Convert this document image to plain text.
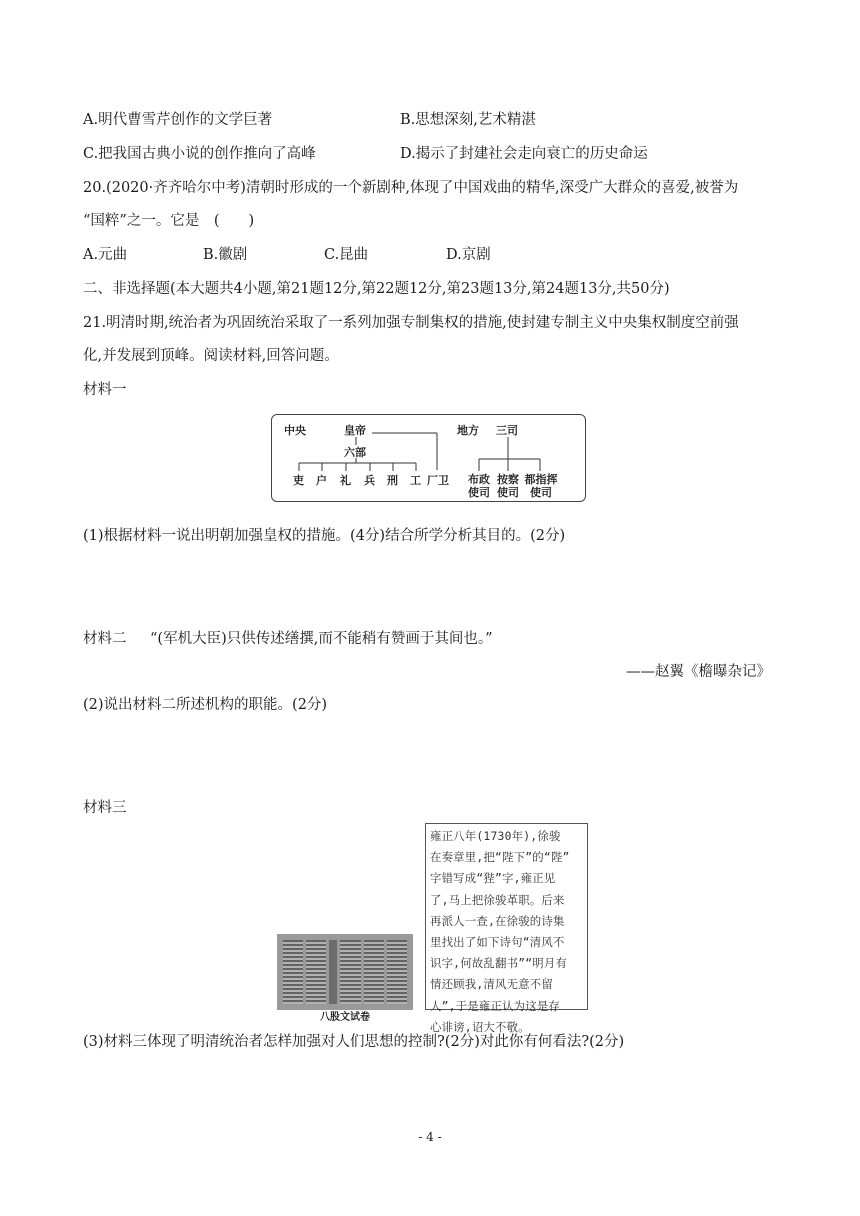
A.明代曹雪芹创作的文学巨著	B.思想深刻,艺术精湛
C.把我国古典小说的创作推向了高峰	D.揭示了封建社会走向衰亡的历史命运
20.(2020·齐齐哈尔中考)清朝时形成的一个新剧种,体现了中国戏曲的精华,深受广大群众的喜爱,被誉为
“国粹”之一。它是　(　　)
A.元曲	B.徽剧	C.昆曲	D.京剧
二、非选择题(本大题共4小题,第21题12分,第22题12分,第23题13分,第24题13分,共50分)
21.明清时期,统治者为巩固统治采取了一系列加强专制集权的措施,使封建专制主义中央集权制度空前强
化,并发展到顶峰。阅读材料,回答问题。
材料一
中央	皇帝
六部
吏 户 礼 兵 刑 工 厂卫
地方 三司
布政
使司
按察
使司
都指挥
使司
(1)根据材料一说出明朝加强皇权的措施。(4分)结合所学分析其目的。(2分)
材料二 “(军机大臣)只供传述缮撰,而不能稍有赞画于其间也。”
——赵翼《檐曝杂记》
(2)说出材料二所述机构的职能。(2分)
材料三
八股文试卷
雍正八年(1730年),徐骏
在奏章里,把“陛下”的“陛”
字错写成“狴”字,雍正见
了,马上把徐骏革职。后来
再派人一查,在徐骏的诗集
里找出了如下诗句“清风不
识字,何故乱翻书”“明月有
情还顾我,清风无意不留
人”,于是雍正认为这是存
心诽谤,诏大不敬。
(3)材料三体现了明清统治者怎样加强对人们思想的控制?(2分)对此你有何看法?(2分)
- 4 -
